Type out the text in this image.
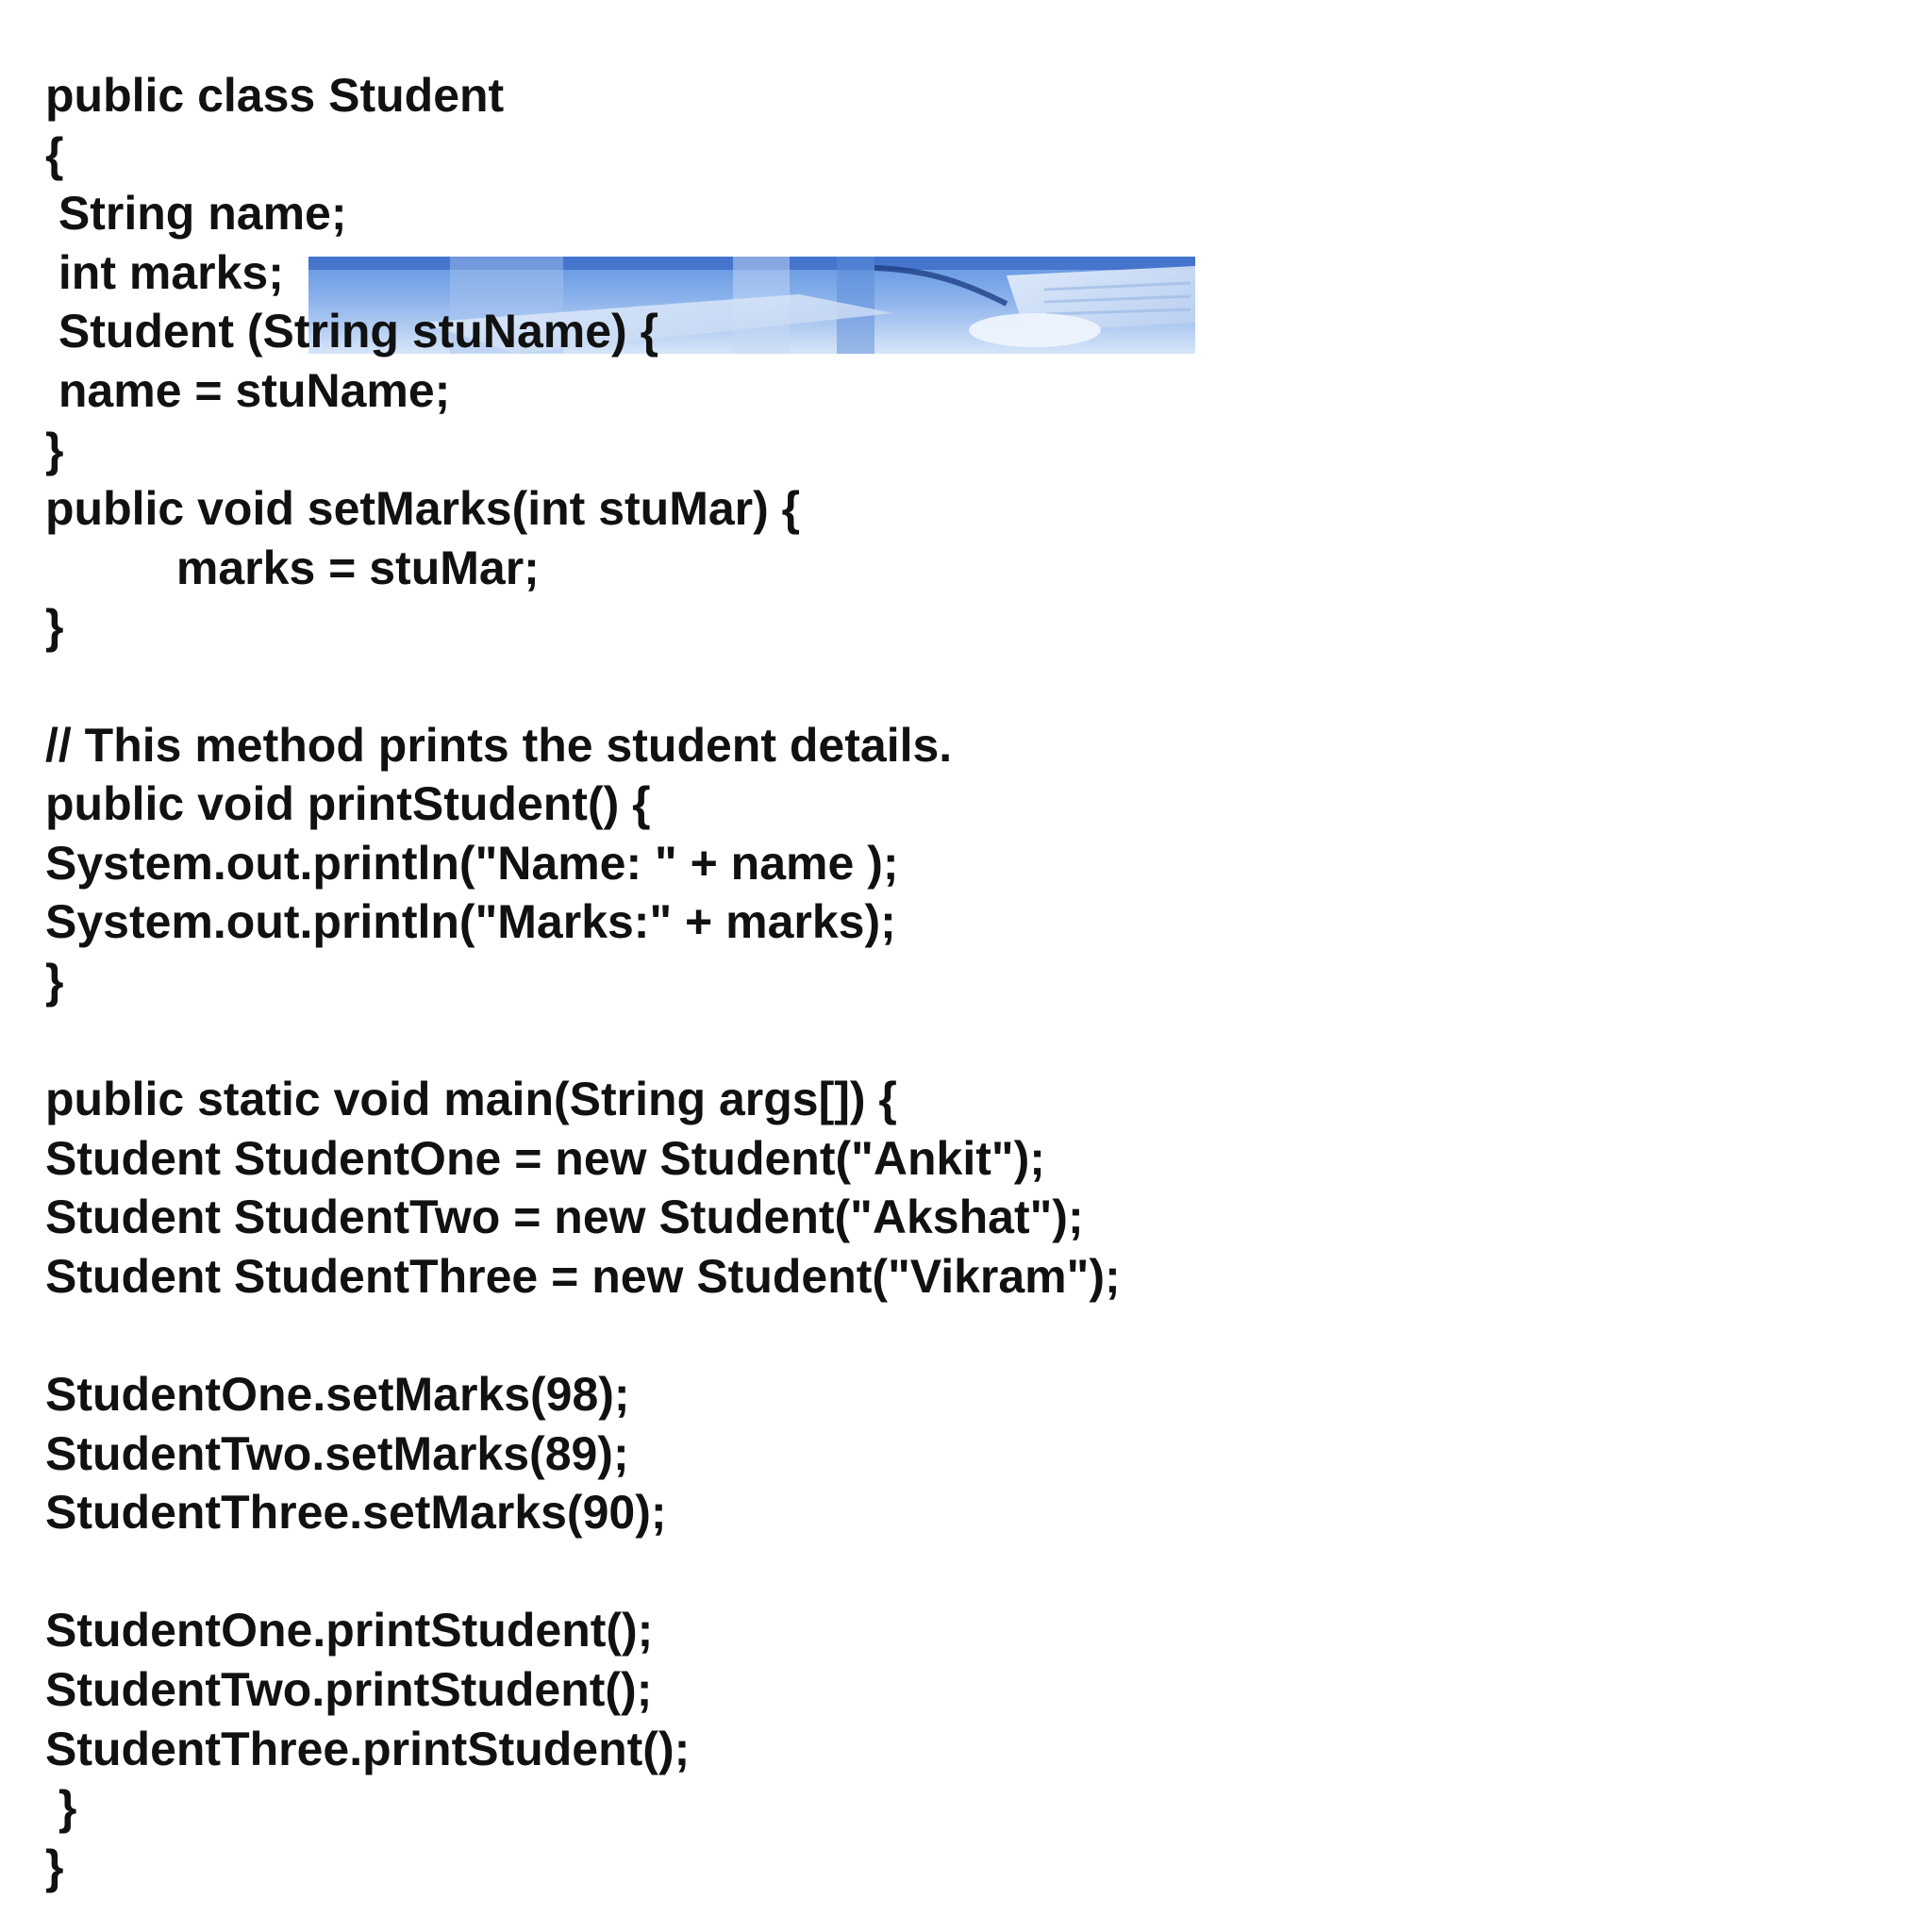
public class Student
{
String name;
int marks;
Student (String stuName) {
name = stuName;
}
public void setMarks(int stuMar) {
marks = stuMar;
}
// This method prints the student details.
public void printStudent() {
System.out.println("Name: " + name );
System.out.println("Marks:" + marks);
}
public static void main(String args[]) {
Student StudentOne = new Student("Ankit");
Student StudentTwo = new Student("Akshat");
Student StudentThree = new Student("Vikram");
StudentOne.setMarks(98);
StudentTwo.setMarks(89);
StudentThree.setMarks(90);
StudentOne.printStudent();
StudentTwo.printStudent();
StudentThree.printStudent();
}
}
